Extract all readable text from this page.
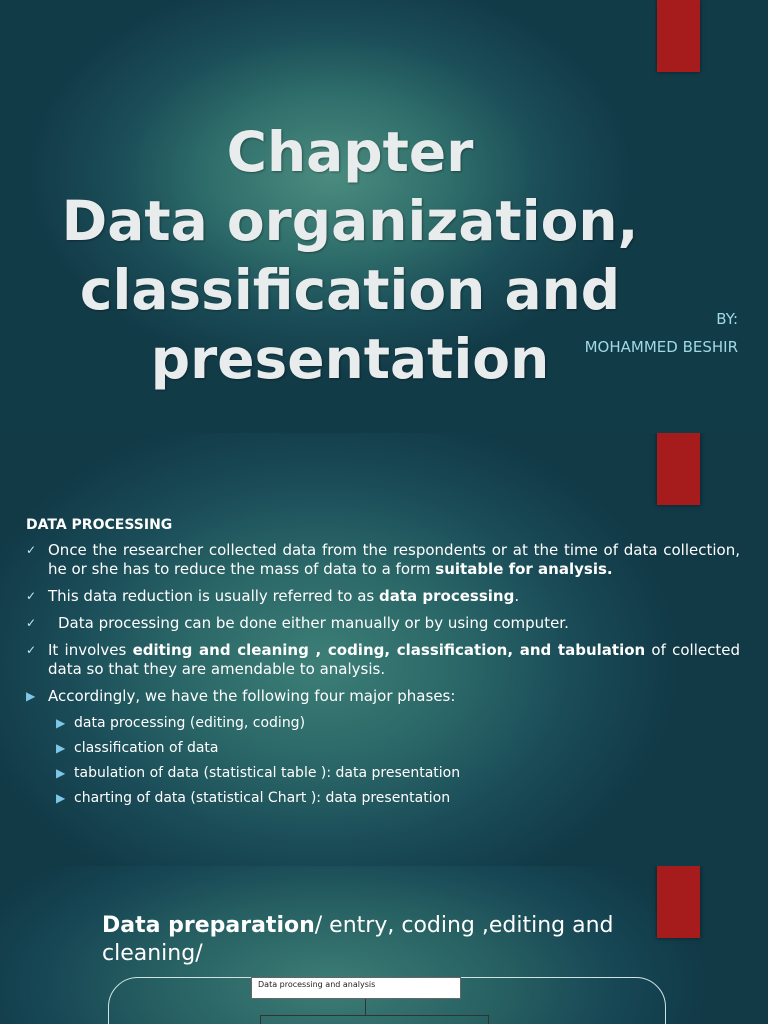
Chapter
Data organization,
classification and
presentation
BY:
MOHAMMED BESHIR
DATA PROCESSING
✓ Once the researcher collected data from the respondents or at the time of data collection, he or she has to reduce the mass of data to a form suitable for analysis.
✓ This data reduction is usually referred to as data processing.
✓ Data processing can be done either manually or by using computer.
✓ It involves editing and cleaning , coding, classification, and tabulation of collected data so that they are amendable to analysis.
▶ Accordingly, we have the following four major phases:
▶ data processing (editing, coding)
▶ classification of data
▶ tabulation of data (statistical table ): data presentation
▶ charting of data (statistical Chart ): data presentation
Data preparation/ entry, coding ,editing and cleaning/
Data processing and analysis
